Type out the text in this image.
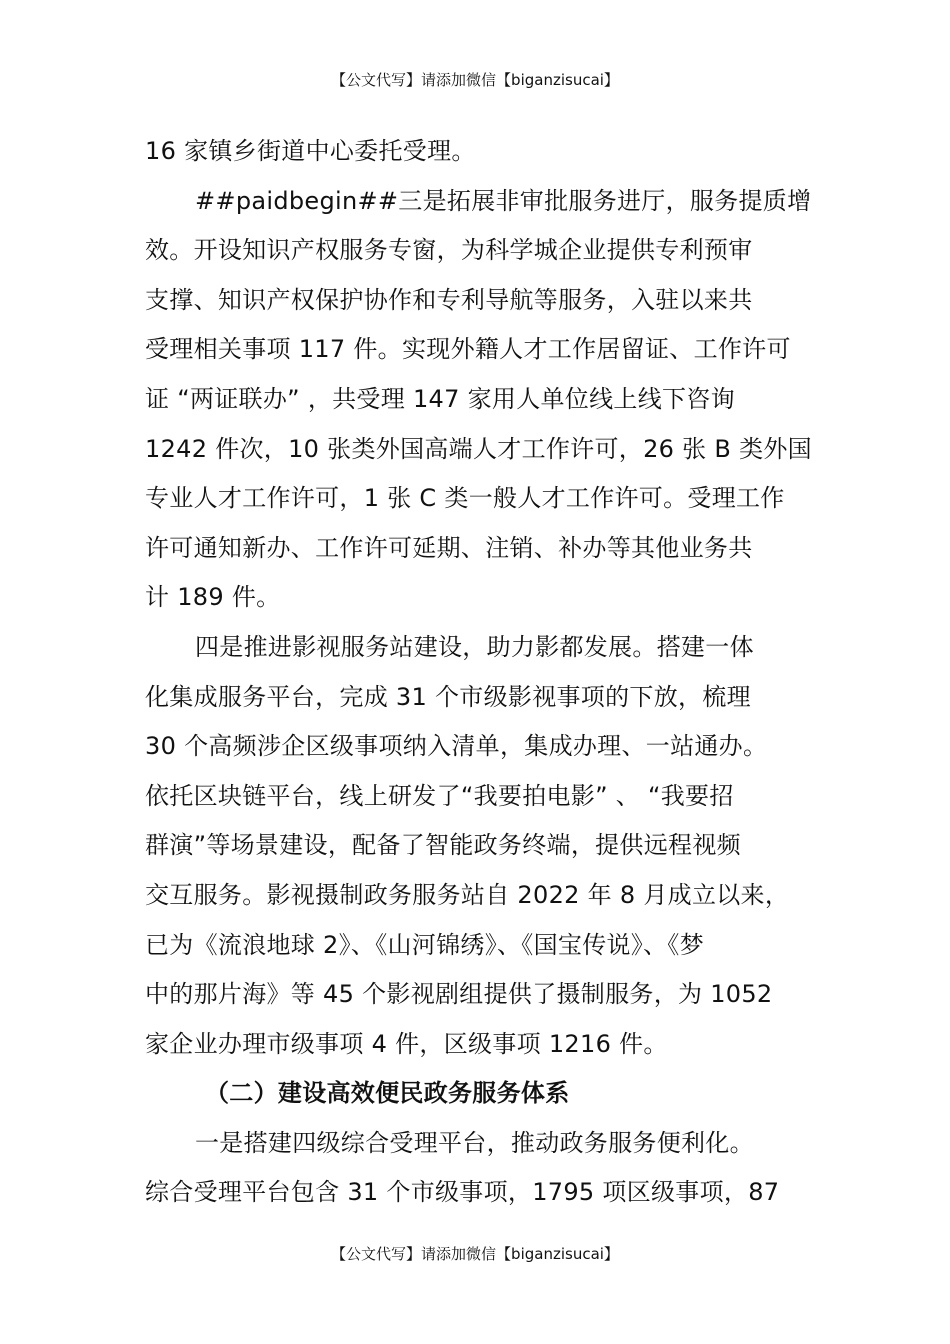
【公文代写】请添加微信【biganzisucai】
16 家镇乡街道中心委托受理。
##paidbegin##三是拓展非审批服务进厅，服务提质增
效。开设知识产权服务专窗，为科学城企业提供专利预审
支撑、知识产权保护协作和专利导航等服务，入驻以来共
受理相关事项 117 件。实现外籍人才工作居留证、工作许可
证 “两证联办” ，共受理 147 家用人单位线上线下咨询
1242 件次，10 张类外国高端人才工作许可，26 张 B 类外国
专业人才工作许可，1 张 C 类一般人才工作许可。受理工作
许可通知新办、工作许可延期、注销、补办等其他业务共
计 189 件。
四是推进影视服务站建设，助力影都发展。搭建一体
化集成服务平台，完成 31 个市级影视事项的下放，梳理
30 个高频涉企区级事项纳入清单，集成办理、一站通办。
依托区块链平台，线上研发了“我要拍电影” 、 “我要招
群演”等场景建设，配备了智能政务终端，提供远程视频
交互服务。影视摄制政务服务站自 2022 年 8 月成立以来，
已为《流浪地球 2》、《山河锦绣》、《国宝传说》、《梦
中的那片海》等 45 个影视剧组提供了摄制服务，为 1052
家企业办理市级事项 4 件，区级事项 1216 件。
（二）建设高效便民政务服务体系
一是搭建四级综合受理平台，推动政务服务便利化。
综合受理平台包含 31 个市级事项，1795 项区级事项，87
【公文代写】请添加微信【biganzisucai】
